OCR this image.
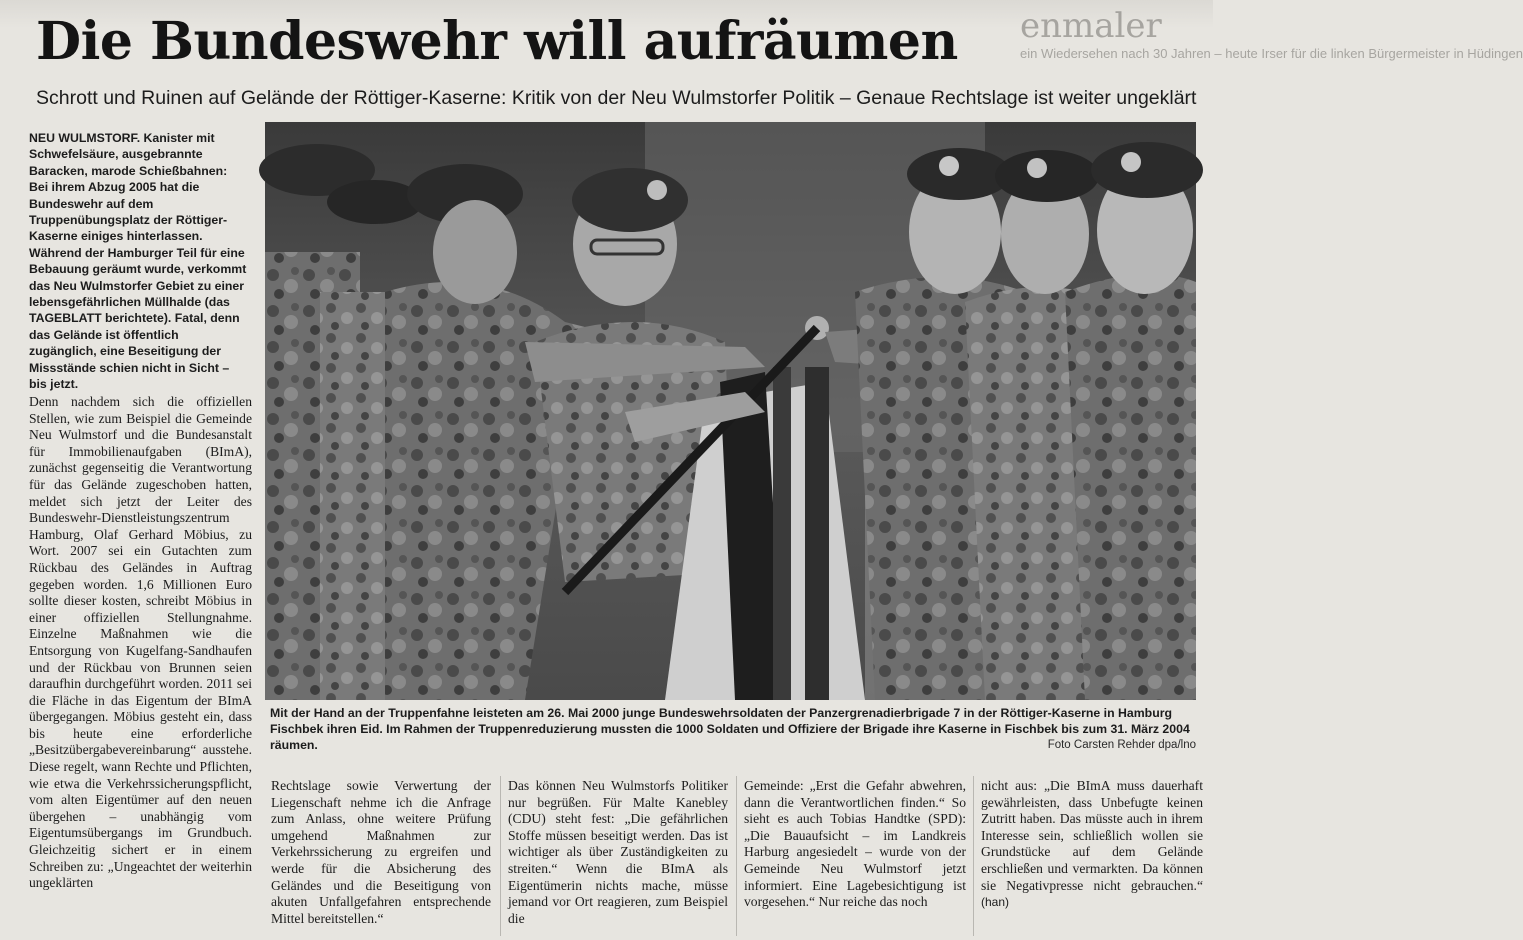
enmaler
ein Wiedersehen nach 30 Jahren – heute Irser für die linken Bürgermeister in Hüdingen
Die Bundeswehr will aufräumen

Schrott und Ruinen auf Gelände der Röttiger-Kaserne: Kritik von der Neu Wulmstorfer Politik – Genaue Rechtslage ist weiter ungeklärt

NEU WULMSTORF. Kanister mit Schwefelsäure, ausgebrannte Baracken, marode Schießbahnen: Bei ihrem Abzug 2005 hat die Bundeswehr auf dem Truppenübungsplatz der Röttiger-Kaserne einiges hinterlassen. Während der Hamburger Teil für eine Bebauung geräumt wurde, verkommt das Neu Wulmstorfer Gebiet zu einer lebensgefährlichen Müllhalde (das TAGEBLATT berichtete). Fatal, denn das Gelände ist öffentlich zugänglich, eine Beseitigung der Missstände schien nicht in Sicht – bis jetzt.

Denn nachdem sich die offiziellen Stellen, wie zum Beispiel die Gemeinde Neu Wulmstorf und die Bundesanstalt für Immobilienaufgaben (BImA), zunächst gegenseitig die Verantwortung für das Gelände zugeschoben hatten, meldet sich jetzt der Leiter des Bundeswehr-Dienstleistungszentrum Hamburg, Olaf Gerhard Möbius, zu Wort. 2007 sei ein Gutachten zum Rückbau des Geländes in Auftrag gegeben worden. 1,6 Millionen Euro sollte dieser kosten, schreibt Möbius in einer offiziellen Stellungnahme. Einzelne Maßnahmen wie die Entsorgung von Kugelfang-Sandhaufen und der Rückbau von Brunnen seien daraufhin durchgeführt worden. 2011 sei die Fläche in das Eigentum der BImA übergegangen. Möbius gesteht ein, dass bis heute eine erforderliche „Besitzübergabevereinbarung“ ausstehe. Diese regelt, wann Rechte und Pflichten, wie etwa die Verkehrssicherungspflicht, vom alten Eigentümer auf den neuen übergehen – unabhängig vom Eigentumsübergangs im Grundbuch. Gleichzeitig sichert er in einem Schreiben zu: „Ungeachtet der weiterhin ungeklärten

Mit der Hand an der Truppenfahne leisteten am 26. Mai 2000 junge Bundeswehrsoldaten der Panzergrenadierbrigade 7 in der Röttiger-Kaserne in Hamburg Fischbek ihren Eid. Im Rahmen der Truppenreduzierung mussten die 1000 Soldaten und Offiziere der Brigade ihre Kaserne in Fischbek bis zum 31. März 2004 räumen.	Foto Carsten Rehder dpa/lno

Rechtslage sowie Verwertung der Liegenschaft nehme ich die Anfrage zum Anlass, ohne weitere Prüfung umgehend Maßnahmen zur Verkehrssicherung zu ergreifen und werde für die Absicherung des Geländes und die Beseitigung von akuten Unfallgefahren entsprechende Mittel bereitstellen.“

Das können Neu Wulmstorfs Politiker nur begrüßen. Für Malte Kanebley (CDU) steht fest: „Die gefährlichen Stoffe müssen beseitigt werden. Das ist wichtiger als über Zuständigkeiten zu streiten.“ Wenn die BImA als Eigentümerin nichts mache, müsse jemand vor Ort reagieren, zum Beispiel die

Gemeinde: „Erst die Gefahr abwehren, dann die Verantwortlichen finden.“ So sieht es auch Tobias Handtke (SPD): „Die Bauaufsicht – im Landkreis Harburg angesiedelt – wurde von der Gemeinde Neu Wulmstorf jetzt informiert. Eine Lagebesichtigung ist vorgesehen.“ Nur reiche das noch

nicht aus: „Die BImA muss dauerhaft gewährleisten, dass Unbefugte keinen Zutritt haben. Das müsste auch in ihrem Interesse sein, schließlich wollen sie Grundstücke auf dem Gelände erschließen und vermarkten. Da können sie Negativpresse nicht gebrauchen.“ (han)
